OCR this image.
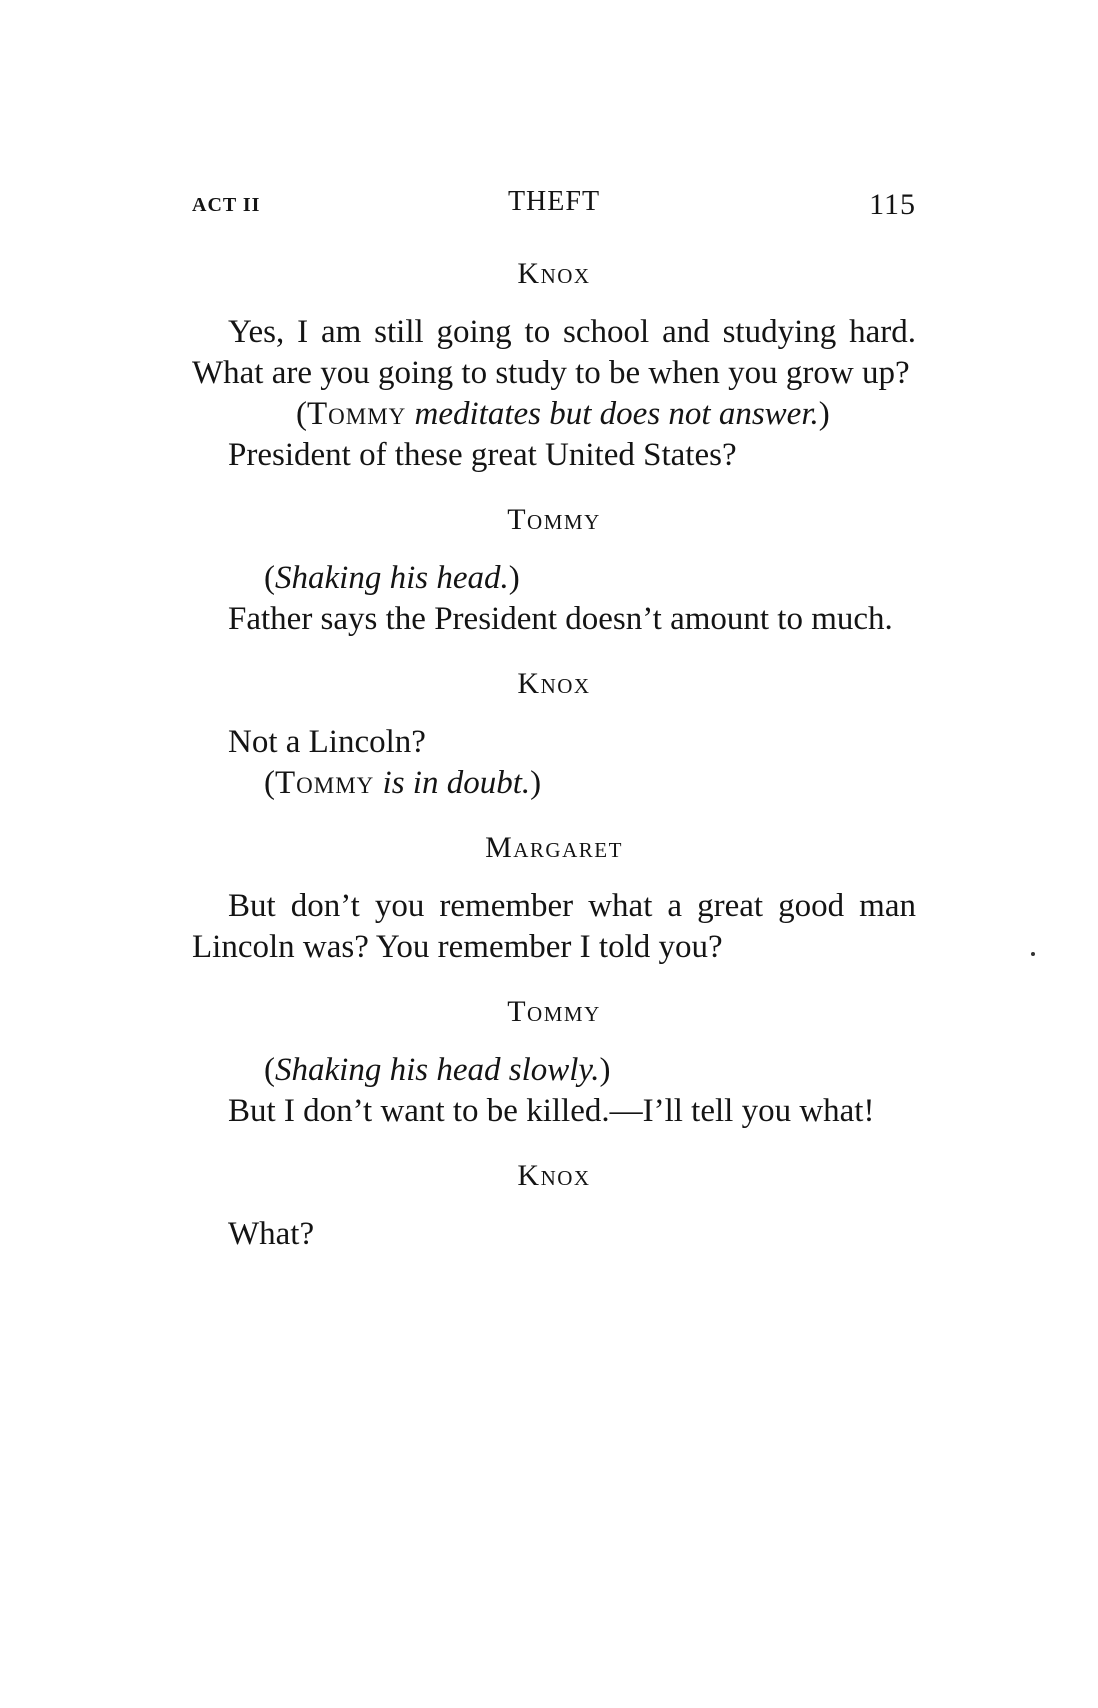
ACT II	THEFT	115
Knox

Yes, I am still going to school and studying hard. What are you going to study to be when you grow up?

(Tommy meditates but does not answer.)

President of these great United States?

Tommy

(Shaking his head.)

Father says the President doesn’t amount to much.

Knox

Not a Lincoln?

(Tommy is in doubt.)

Margaret

But don’t you remember what a great good man Lincoln was? You remember I told you?

Tommy

(Shaking his head slowly.)

But I don’t want to be killed.—I’ll tell you what!

Knox

What?
